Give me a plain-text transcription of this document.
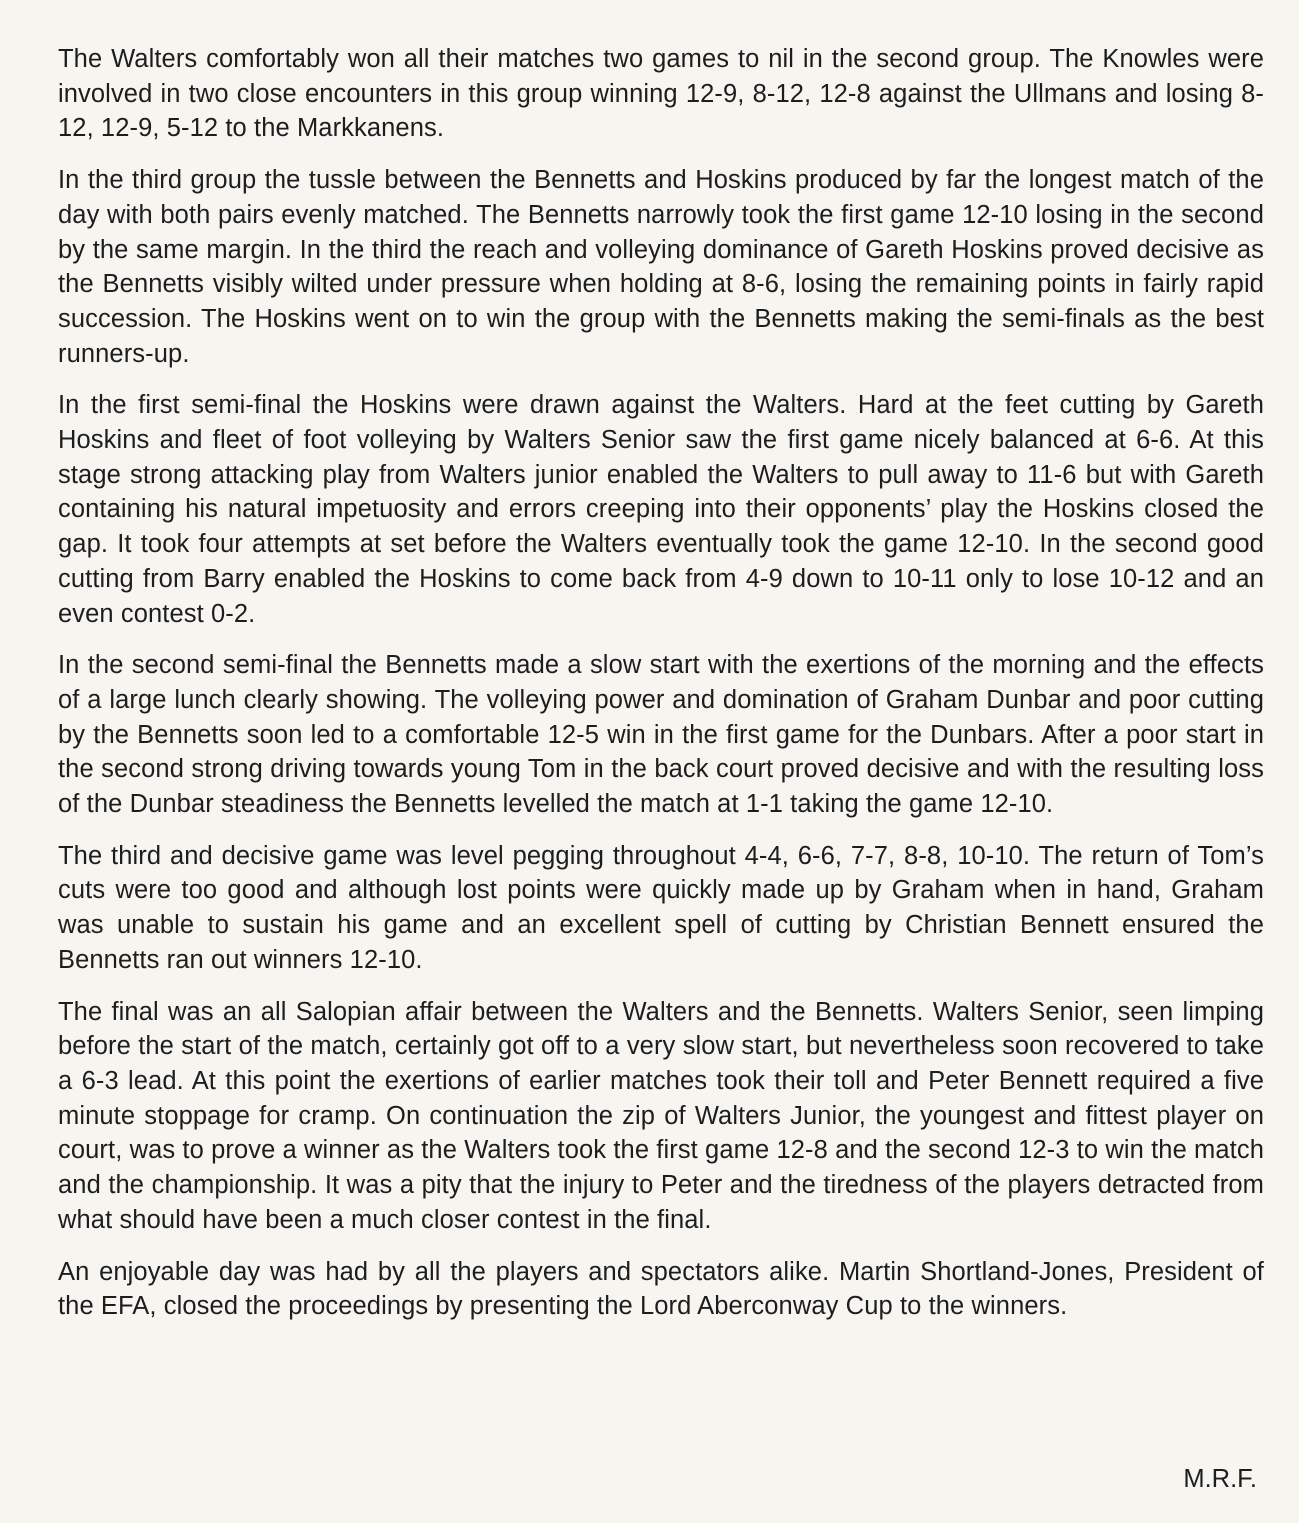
The Walters comfortably won all their matches two games to nil in the second group. The Knowles were involved in two close encounters in this group winning 12-9, 8-12, 12-8 against the Ullmans and losing 8-12, 12-9, 5-12 to the Markkanens.

In the third group the tussle between the Bennetts and Hoskins produced by far the longest match of the day with both pairs evenly matched. The Bennetts narrowly took the first game 12-10 losing in the second by the same margin. In the third the reach and volleying dominance of Gareth Hoskins proved decisive as the Bennetts visibly wilted under pressure when holding at 8-6, losing the remaining points in fairly rapid succession. The Hoskins went on to win the group with the Bennetts making the semi-finals as the best runners-up.

In the first semi-final the Hoskins were drawn against the Walters. Hard at the feet cutting by Gareth Hoskins and fleet of foot volleying by Walters Senior saw the first game nicely balanced at 6-6. At this stage strong attacking play from Walters junior enabled the Walters to pull away to 11-6 but with Gareth containing his natural impetuosity and errors creeping into their opponents’ play the Hoskins closed the gap. It took four attempts at set before the Walters eventually took the game 12-10. In the second good cutting from Barry enabled the Hoskins to come back from 4-9 down to 10-11 only to lose 10-12 and an even contest 0-2.

In the second semi-final the Bennetts made a slow start with the exertions of the morning and the effects of a large lunch clearly showing. The volleying power and domination of Graham Dunbar and poor cutting by the Bennetts soon led to a comfortable 12-5 win in the first game for the Dunbars. After a poor start in the second strong driving towards young Tom in the back court proved decisive and with the resulting loss of the Dunbar steadiness the Bennetts levelled the match at 1-1 taking the game 12-10.

The third and decisive game was level pegging throughout 4-4, 6-6, 7-7, 8-8, 10-10. The return of Tom’s cuts were too good and although lost points were quickly made up by Graham when in hand, Graham was unable to sustain his game and an excellent spell of cutting by Christian Bennett ensured the Bennetts ran out winners 12-10.

The final was an all Salopian affair between the Walters and the Bennetts. Walters Senior, seen limping before the start of the match, certainly got off to a very slow start, but nevertheless soon recovered to take a 6-3 lead. At this point the exertions of earlier matches took their toll and Peter Bennett required a five minute stoppage for cramp. On continuation the zip of Walters Junior, the youngest and fittest player on court, was to prove a winner as the Walters took the first game 12-8 and the second 12-3 to win the match and the championship. It was a pity that the injury to Peter and the tiredness of the players detracted from what should have been a much closer contest in the final.

An enjoyable day was had by all the players and spectators alike. Martin Shortland-Jones, President of the EFA, closed the proceedings by presenting the Lord Aberconway Cup to the winners.

M.R.F.
